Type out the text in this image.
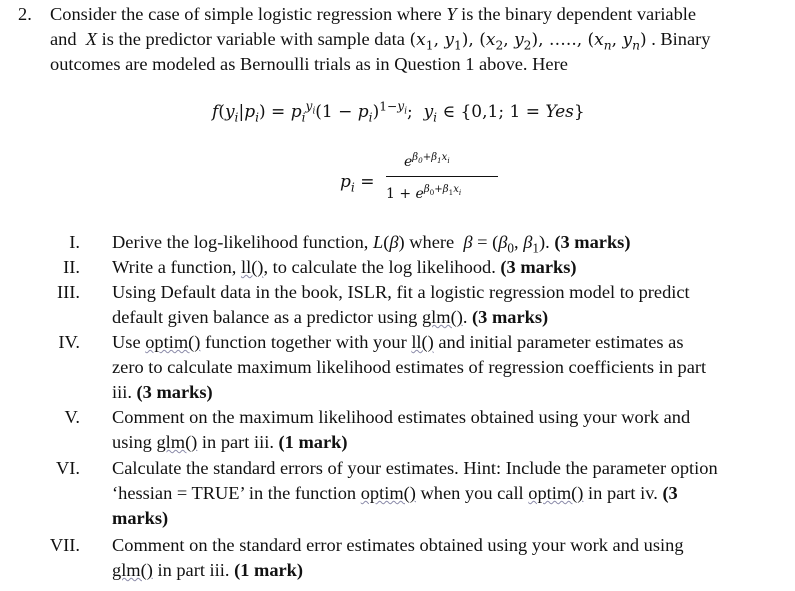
2. Consider the case of simple logistic regression where Y is the binary dependent variable
and  X is the predictor variable with sample data ($x_1$, $y_1$), ($x_2$, $y_2$), ….., ($x_n$, $y_n$) . Binary
outcomes are modeled as Bernoulli trials as in Question 1 above. Here
$f(y_i|p_i) = p_i^{y_i}(1 - p_i)^{1-y_i}$;  $y_i$ ∈ {0,1; 1 = Yes}
$p_i$ =
$e^{\beta_0+\beta_1x_i}$
$1 + e^{\beta_0+\beta_1x_i}$
I. Derive the log-likelihood function, L(β) where  $\beta = (\beta_0$, $\beta_1$). (3 marks)
II. Write a function, ll(), to calculate the log likelihood. (3 marks)
III. Using Default data in the book, ISLR, fit a logistic regression model to predict
default given balance as a predictor using glm(). (3 marks)
IV. Use optim() function together with your ll() and initial parameter estimates as
zero to calculate maximum likelihood estimates of regression coefficients in part
iii. (3 marks)
V. Comment on the maximum likelihood estimates obtained using your work and
using glm() in part iii. (1 mark)
VI. Calculate the standard errors of your estimates. Hint: Include the parameter option
‘hessian = TRUE’ in the function optim() when you call optim() in part iv. (3
marks)
VII. Comment on the standard error estimates obtained using your work and using
glm() in part iii. (1 mark)
